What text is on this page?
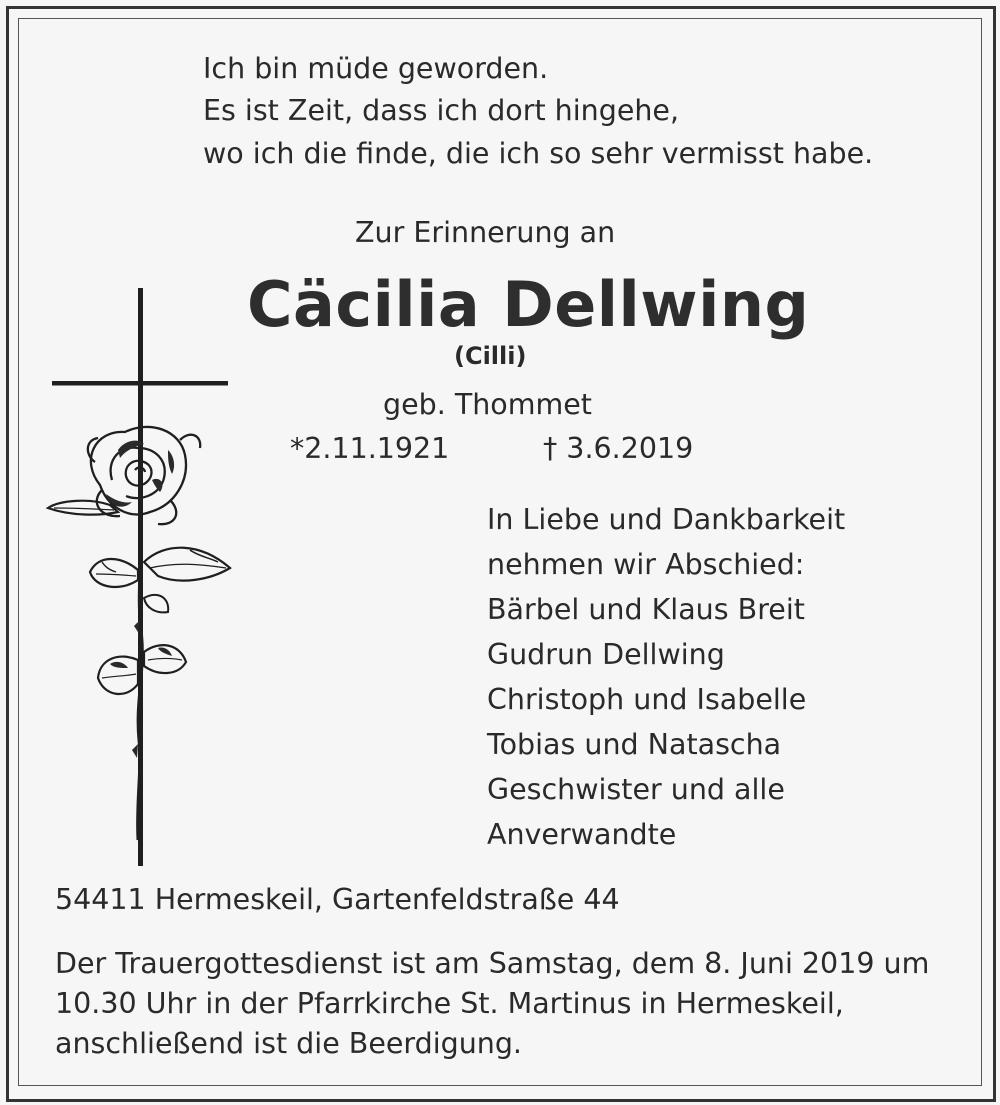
Ich bin müde geworden.
Es ist Zeit, dass ich dort hingehe,
wo ich die finde, die ich so sehr vermisst habe.
Zur Erinnerung an
Cäcilia Dellwing
(Cilli)
geb. Thommet
*2.11.1921	† 3.6.2019
In Liebe und Dankbarkeit
nehmen wir Abschied:
Bärbel und Klaus Breit
Gudrun Dellwing
Christoph und Isabelle
Tobias und Natascha
Geschwister und alle
Anverwandte
54411 Hermeskeil, Gartenfeldstraße 44
Der Trauergottesdienst ist am Samstag, dem 8. Juni 2019 um
10.30 Uhr in der Pfarrkirche St. Martinus in Hermeskeil,
anschließend ist die Beerdigung.
